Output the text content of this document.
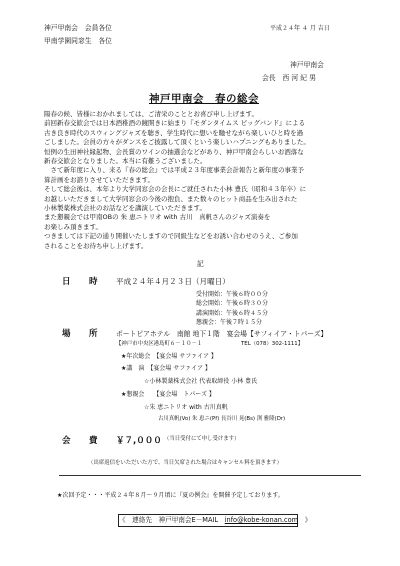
神戸甲南会　会員各位
甲南学園同窓生　各位
平成２４年 ４ 月 吉日
神戸甲南会
会長　西 河 紀 男
神戸甲南会　春の総会
陽春の候、皆様におかれましては、ご清栄のこととお喜び申し上げます。
前回新春交歓会では日本酒稚酒の鏡開きに始まり『モダンタイムス ビッグバンド』による
古き良き時代のスウィングジャズを聴き、学生時代に想いを馳せながら楽しいひと時を過
ごしました。会員の方々がダンスをご披露して頂くという楽しいハプニングもありました。
恒例の生田神社縁起物、会長賞のワインの抽選会などがあり、神戸甲南会らしいお洒落な
新春交歓会となりました。本当に有難うございました。
　さて新年度に入り、来る『春の総会』では平成２３年度事業会計報告と新年度の事業予
算計画をお諮りさせていただきます。
そして総会後は、本年より大学同窓会の会長にご就任された小林 豊氏（昭和４３年卒）に
お越しいただきまして大学同窓会の今後の抱負、また数々のヒット商品を生み出された
小林製薬株式会社のお話などを講演していただきます。
また懇親会では甲南OBの 朱 恵ニトリオ with 古川　真帆さんのジャズ演奏を
お楽しみ頂きます。
つきましては下記の通り開催いたしますので同級生などをお誘い合わせのうえ、ご参加
されることをお待ち申し上げます。
記
日　時 平成２４年４月２３日（月曜日）
受付開始：午後６時００分
総会開始：午後６時３０分
講演開始：午後６時４５分
懇親会：午後７時１５分
場　所 ポートピアホテル　南館 地下１階　宴会場【サフィイア・トパーズ】
【神戸市中央区港島町６－１０－１	TEL（078）302-1111】
★年次総会　【宴会場 サファイア 】
★講　演　【宴会場 サファイア 】
☆小林製薬株式会社 代表取締役 小林 豊氏
★懇親会　　【宴会場　トパーズ 】
☆朱 恵ニトリオ with 古川真帆
古川真帆(Vo) 朱 恵ニ(Pf) 長谷川 晃(Bs) 渕 雅隆(Dr)
会　費 ￥７,０００ （当日受付にて申し受けます）
（出席返信をいただいた方で、当日欠席された場合はキャンセル料を頂きます）
★次回予定・・・平成２４年８月～９月頃に『夏の例会』を開催予定しております。
《　連絡先　神戸甲南会E－MAIL　info@kobe-konan.com　》
